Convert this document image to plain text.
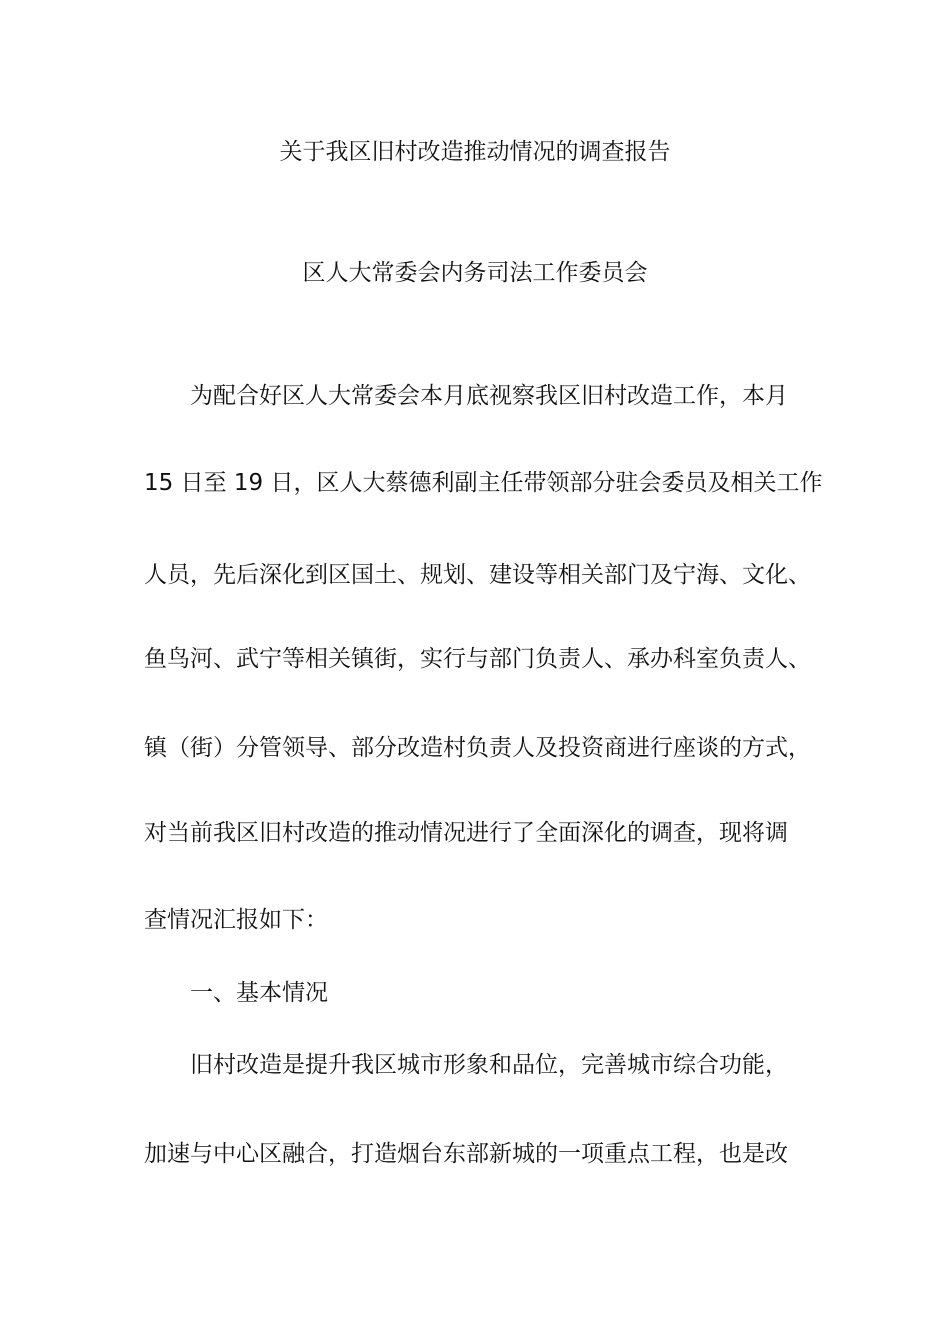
关于我区旧村改造推动情况的调查报告
区人大常委会内务司法工作委员会
为配合好区人大常委会本月底视察我区旧村改造工作，本月
15 日至 19 日，区人大蔡德利副主任带领部分驻会委员及相关工作
人员，先后深化到区国土、规划、建设等相关部门及宁海、文化、
鱼鸟河、武宁等相关镇街，实行与部门负责人、承办科室负责人、
镇（街）分管领导、部分改造村负责人及投资商进行座谈的方式，
对当前我区旧村改造的推动情况进行了全面深化的调查，现将调
查情况汇报如下：
一、基本情况
旧村改造是提升我区城市形象和品位，完善城市综合功能，
加速与中心区融合，打造烟台东部新城的一项重点工程，也是改
